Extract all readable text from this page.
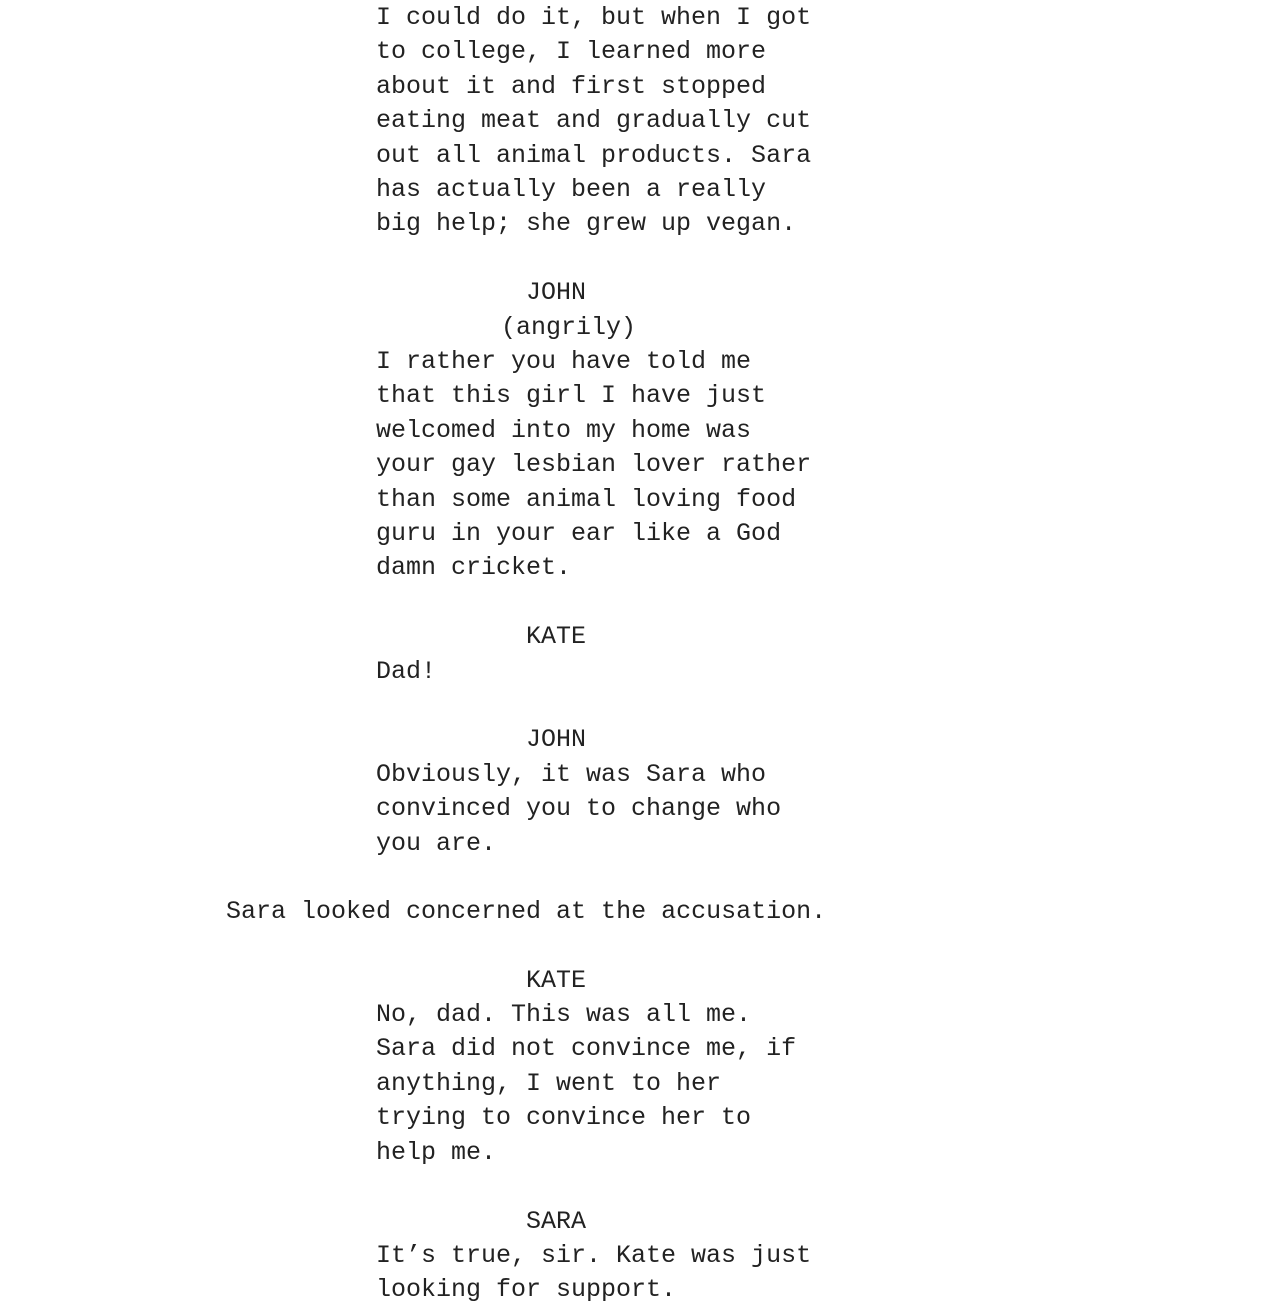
I could do it, but when I got
to college, I learned more
about it and first stopped
eating meat and gradually cut
out all animal products. Sara
has actually been a really
big help; she grew up vegan.
JOHN
(angrily)
I rather you have told me
that this girl I have just
welcomed into my home was
your gay lesbian lover rather
than some animal loving food
guru in your ear like a God
damn cricket.
KATE
Dad!
JOHN
Obviously, it was Sara who
convinced you to change who
you are.
Sara looked concerned at the accusation.
KATE
No, dad. This was all me.
Sara did not convince me, if
anything, I went to her
trying to convince her to
help me.
SARA
It’s true, sir. Kate was just
looking for support.
